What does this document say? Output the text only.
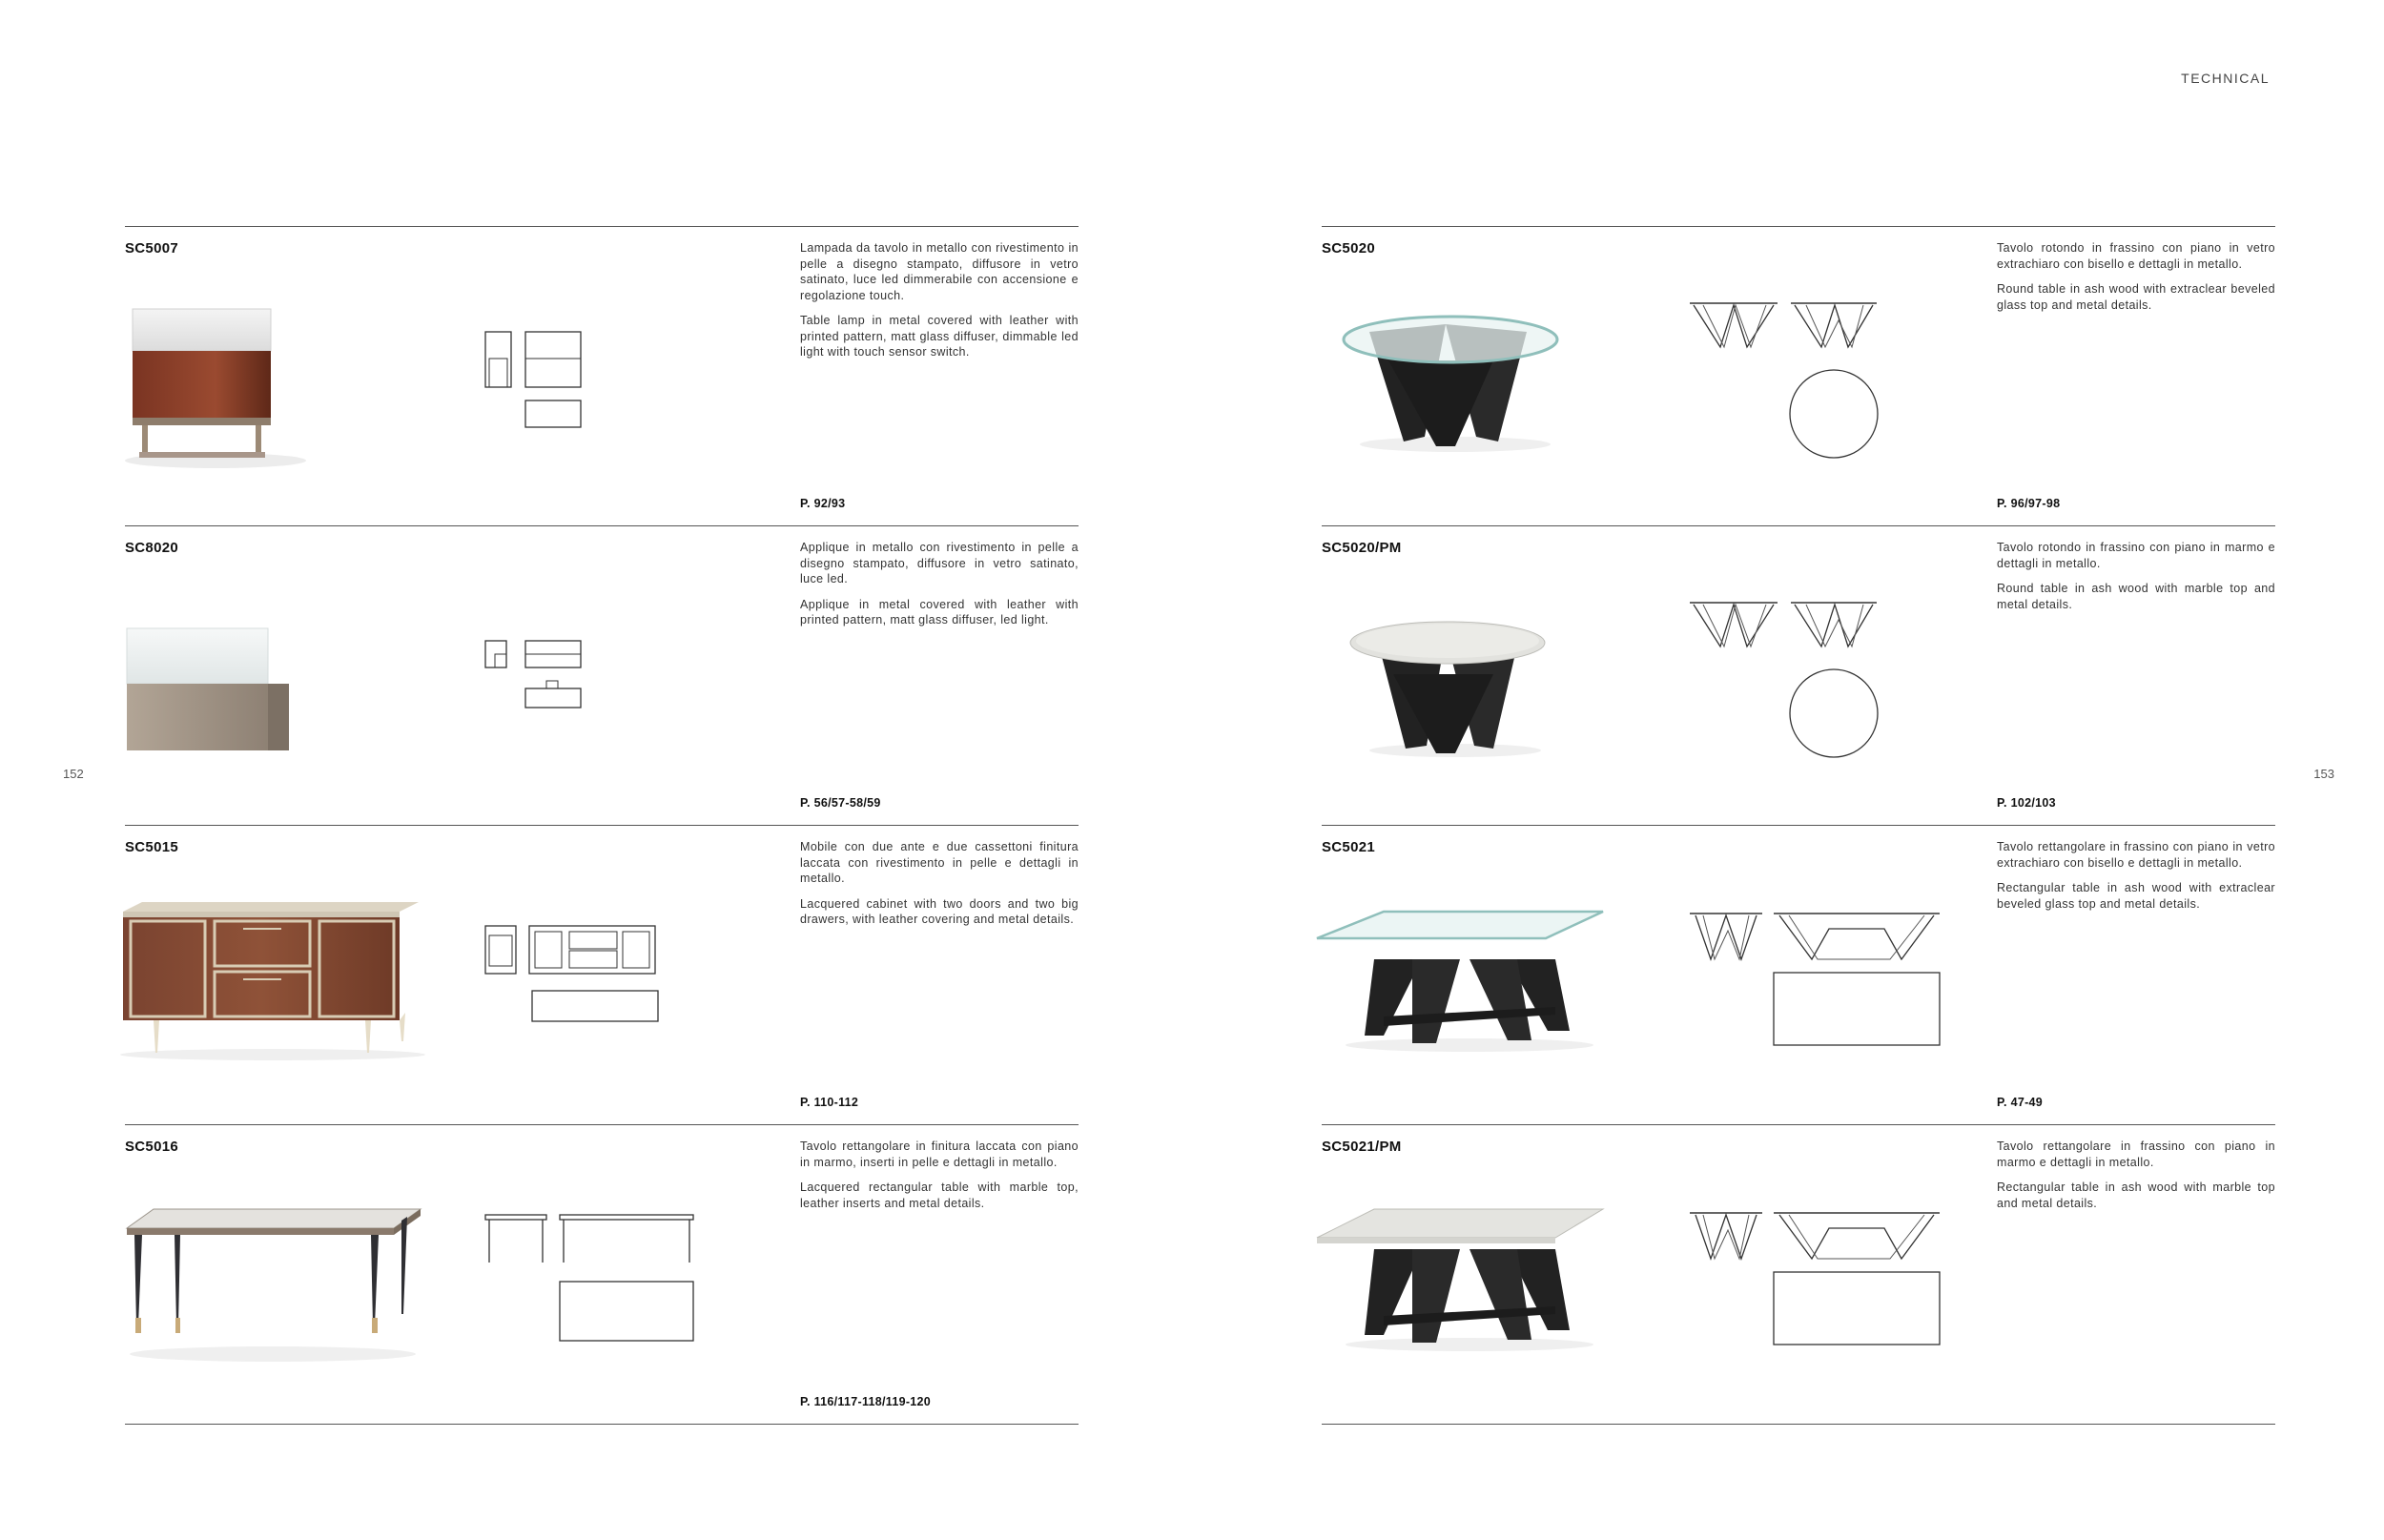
TECHNICAL
152	153
SC5007	Lampada da tavolo in metallo con rivestimento in pelle a disegno stampato, diffusore in vetro satinato, luce led dimmerabile con accensione e regolazione touch.

Table lamp in metal covered with leather with printed pattern, matt glass diffuser, dimmable led light with touch sensor switch.

P. 92/93
SC8020	Applique in metallo con rivestimento in pelle a disegno stampato, diffusore in vetro satinato, luce led.

Applique in metal covered with leather with printed pattern, matt glass diffuser, led light.

P. 56/57-58/59
SC5015	Mobile con due ante e due cassettoni finitura laccata con rivestimento in pelle e dettagli in metallo.

Lacquered cabinet with two doors and two big drawers, with leather covering and metal details.

P. 110-112
SC5016	Tavolo rettangolare in finitura laccata con piano in marmo, inserti in pelle e dettagli in metallo.

Lacquered rectangular table with marble top, leather inserts and metal details.

P. 116/117-118/119-120
SC5020	Tavolo rotondo in frassino con piano in vetro extrachiaro con bisello e dettagli in metallo.

Round table in ash wood with extraclear beveled glass top and metal details.

P. 96/97-98
SC5020/PM	Tavolo rotondo in frassino con piano in marmo e dettagli in metallo.

Round table in ash wood with marble top and metal details.

P. 102/103
SC5021	Tavolo rettangolare in frassino con piano in vetro extrachiaro con bisello e dettagli in metallo.

Rectangular table in ash wood with extraclear beveled glass top and metal details.

P. 47-49
SC5021/PM	Tavolo rettangolare in frassino con piano in marmo e dettagli in metallo.

Rectangular table in ash wood with marble top and metal details.
